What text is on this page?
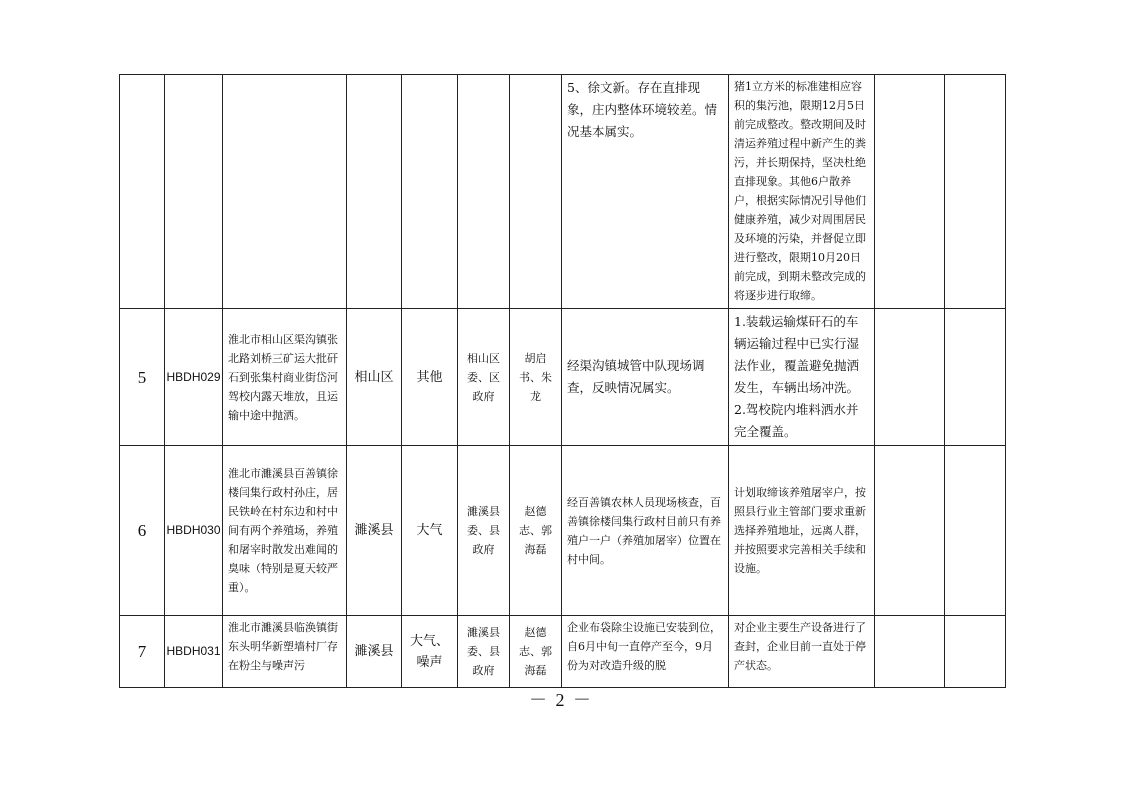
							5、徐文新。存在直排现象，庄内整体环境较差。情况基本属实。	猪1立方米的标准建相应容积的集污池，限期12月5日前完成整改。整改期间及时清运养殖过程中新产生的粪污，并长期保持，坚决杜绝直排现象。其他6户散养户，根据实际情况引导他们健康养殖，减少对周围居民及环境的污染，并督促立即进行整改，限期10月20日前完成，到期未整改完成的将逐步进行取缔。		

5	HBDH029	淮北市相山区渠沟镇张北路刘桥三矿运大批矸石到张集村商业街岱河驾校内露天堆放，且运输中途中抛洒。	相山区	其他	相山区委、区政府	胡启书、朱龙	经渠沟镇城管中队现场调查，反映情况属实。	1.装载运输煤矸石的车辆运输过程中已实行湿法作业，覆盖避免抛洒发生，车辆出场冲洗。
2.驾校院内堆料洒水并完全覆盖。		

6	HBDH030	淮北市濉溪县百善镇徐楼闫集行政村孙庄，居民铁岭在村东边和村中间有两个养殖场，养殖和屠宰时散发出难闻的臭味（特别是夏天较严重）。	濉溪县	大气	濉溪县委、县政府	赵德志、郭海磊	经百善镇农林人员现场核查，百善镇徐楼闫集行政村目前只有养殖户一户（养殖加屠宰）位置在村中间。	计划取缔该养殖屠宰户，按照县行业主管部门要求重新选择养殖地址，远离人群，并按照要求完善相关手续和设施。		

7	HBDH031	淮北市濉溪县临涣镇街东头明华新塑墙村厂存在粉尘与噪声污	濉溪县	大气、噪声	濉溪县委、县政府	赵德志、郭海磊	企业布袋除尘设施已安装到位，自6月中旬一直停产至今，9月份为对改造升级的脱	对企业主要生产设备进行了查封，企业目前一直处于停产状态。		

－ 2 －
